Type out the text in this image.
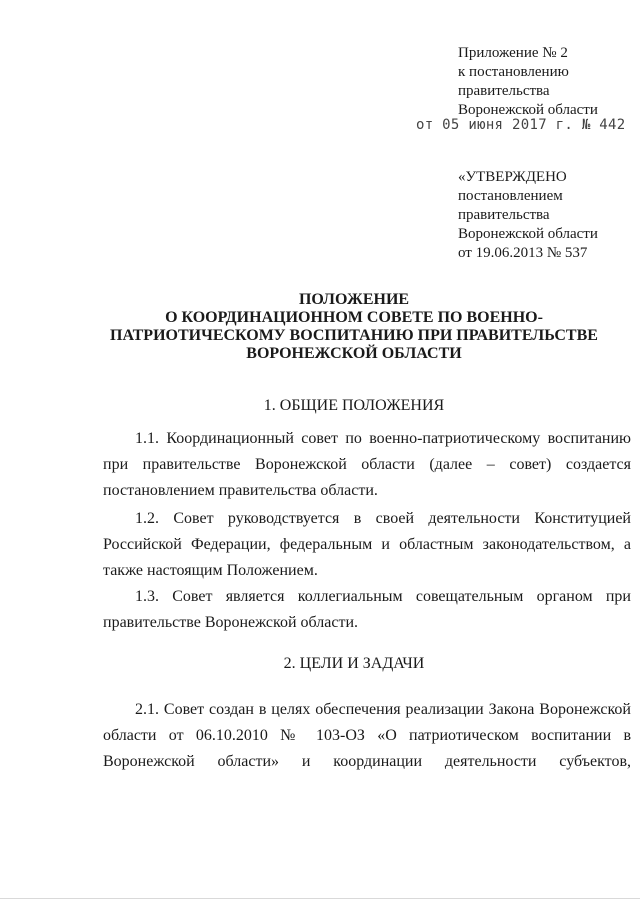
Приложение № 2
к постановлению
правительства
Воронежской области
от 05 июня 2017 г. № 442
«УТВЕРЖДЕНО
постановлением
правительства
Воронежской области
от 19.06.2013 № 537
ПОЛОЖЕНИЕ
О КООРДИНАЦИОННОМ СОВЕТЕ ПО ВОЕННО-
ПАТРИОТИЧЕСКОМУ ВОСПИТАНИЮ ПРИ ПРАВИТЕЛЬСТВЕ
ВОРОНЕЖСКОЙ ОБЛАСТИ
1. ОБЩИЕ ПОЛОЖЕНИЯ
1.1. Координационный совет по военно-патриотическому воспитанию
при правительстве Воронежской области (далее – совет) создается
постановлением правительства области.
1.2. Совет руководствуется в своей деятельности Конституцией
Российской Федерации, федеральным и областным законодательством, а
также настоящим Положением.
1.3. Совет является коллегиальным совещательным органом при
правительстве Воронежской области.
2. ЦЕЛИ И ЗАДАЧИ
2.1. Совет создан в целях обеспечения реализации Закона Воронежской
области от 06.10.2010 № 103-ОЗ «О патриотическом воспитании в
Воронежской области» и координации деятельности субъектов,
